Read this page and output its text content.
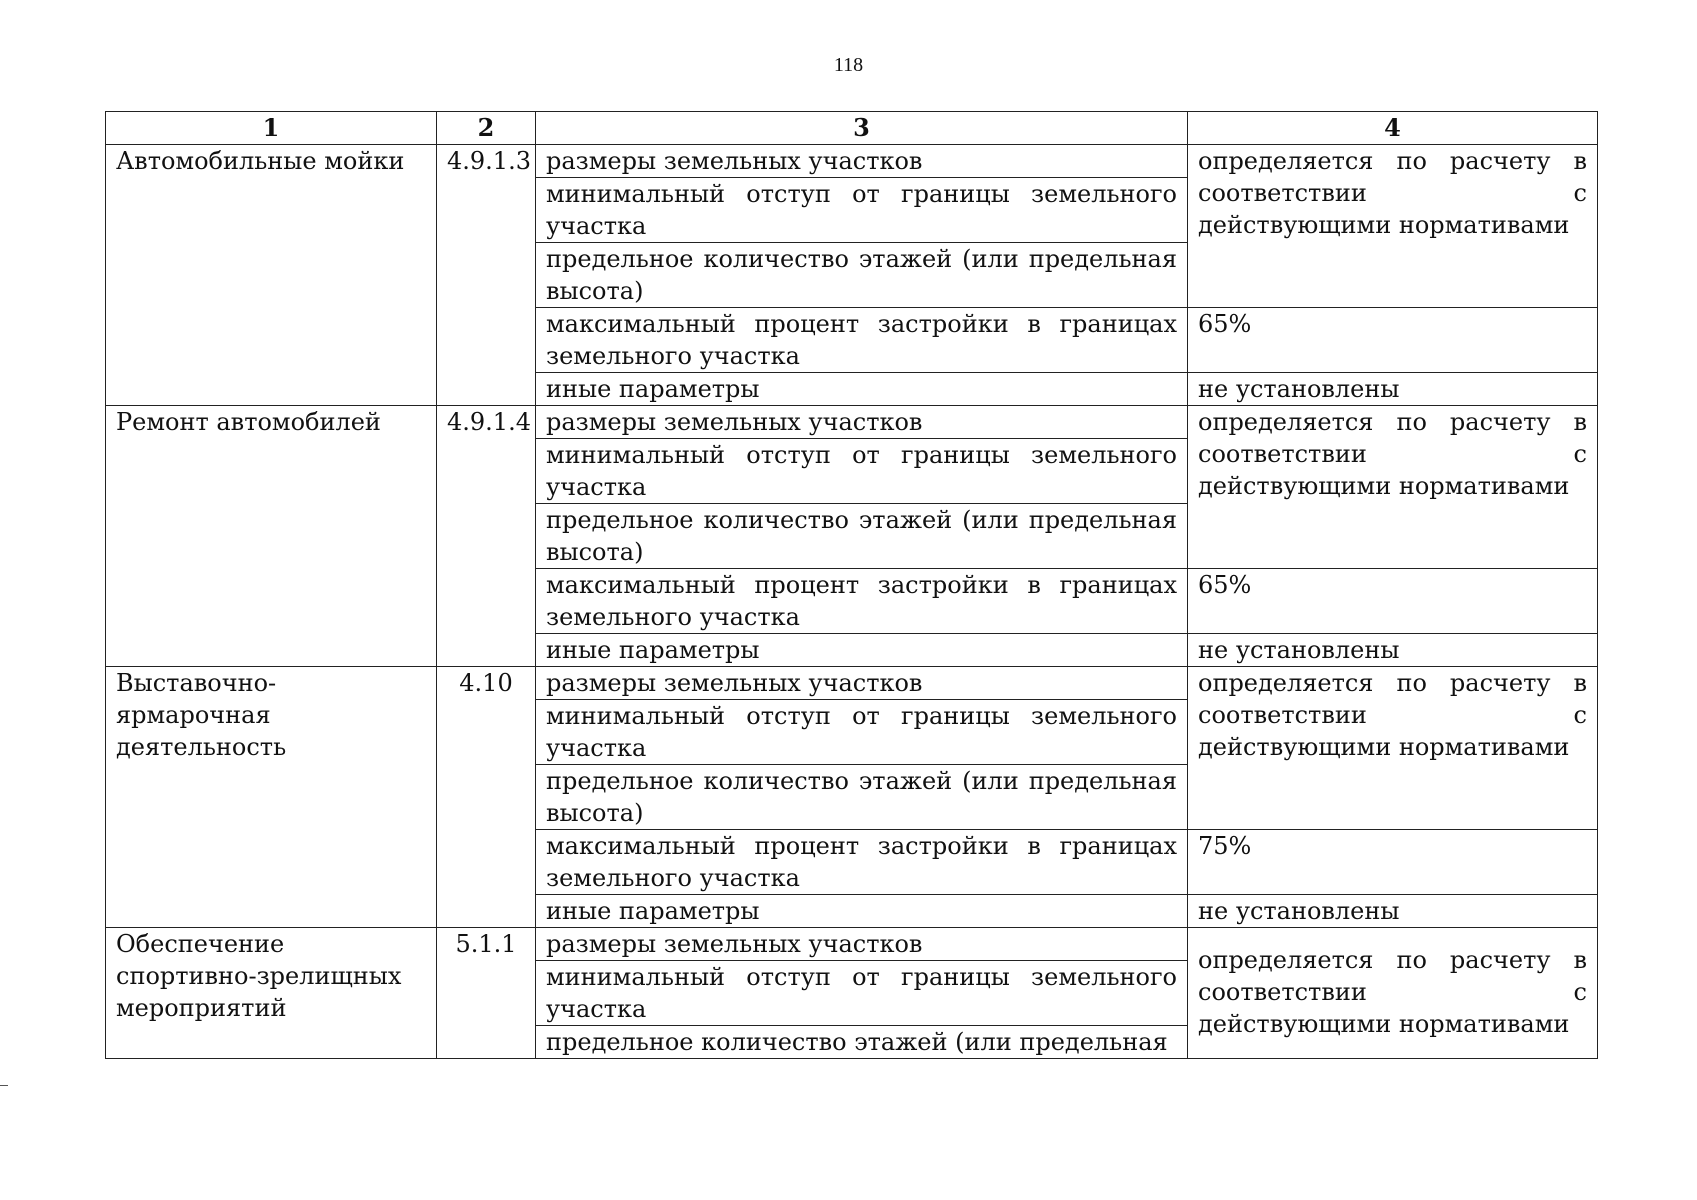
118
1	2	3	4
Автомобильные мойки	4.9.1.3	размеры земельных участков	определяется по расчету в соответствии с действующими нормативами
		минимальный отступ от границы земельного участка	
		предельное количество этажей (или предельная высота)	
		максимальный процент застройки в границах земельного участка	65%
		иные параметры	не установлены
Ремонт автомобилей	4.9.1.4	размеры земельных участков	определяется по расчету в соответствии с действующими нормативами
		минимальный отступ от границы земельного участка	
		предельное количество этажей (или предельная высота)	
		максимальный процент застройки в границах земельного участка	65%
		иные параметры	не установлены
Выставочно-ярмарочная деятельность	4.10	размеры земельных участков	определяется по расчету в соответствии с действующими нормативами
		минимальный отступ от границы земельного участка	
		предельное количество этажей (или предельная высота)	
		максимальный процент застройки в границах земельного участка	75%
		иные параметры	не установлены
Обеспечение спортивно-зрелищных мероприятий	5.1.1	размеры земельных участков	определяется по расчету в соответствии с действующими нормативами
		минимальный отступ от границы земельного участка	
		предельное количество этажей (или предельная	
